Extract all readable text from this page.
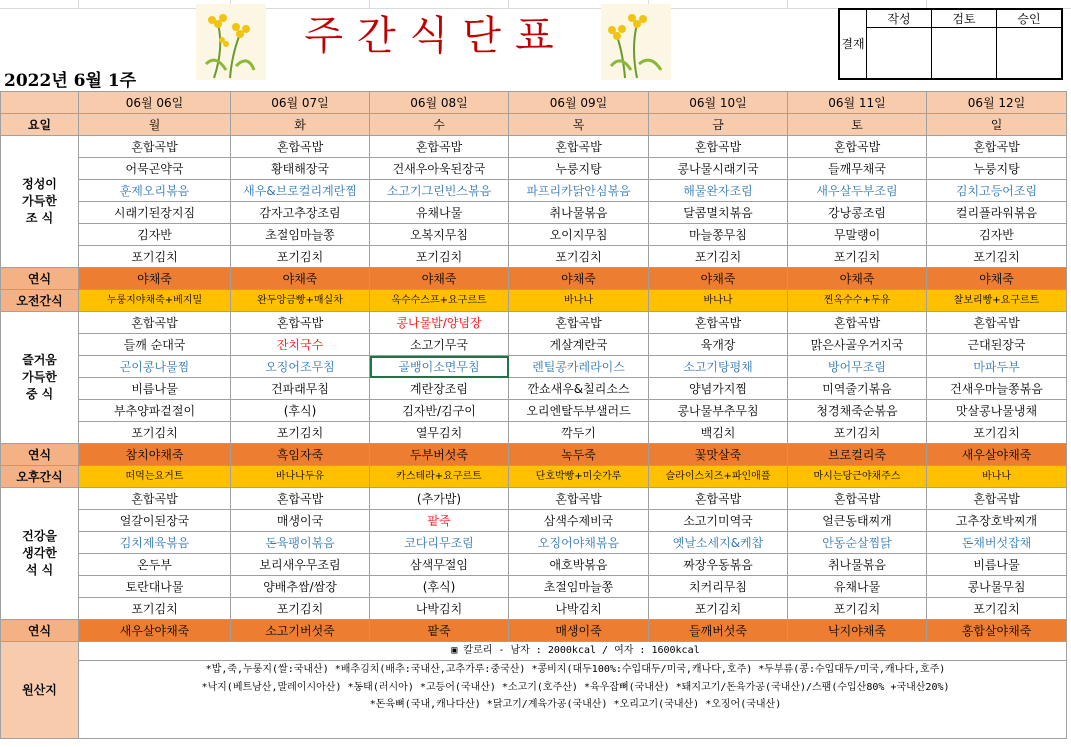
주간식단표	결재	작성	검토	승인

2022년 6월 1주
	06월 06일	06월 07일	06월 08일	06월 09일	06월 10일	06월 11일	06월 12일
요일	월	화	수	목	금	토	일
정성이
가득한
조 식	혼합곡밥	혼합곡밥	혼합곡밥	혼합곡밥	혼합곡밥	혼합곡밥	혼합곡밥
	어묵곤약국	황태해장국	건새우아욱된장국	누룽지탕	콩나물시래기국	들깨무채국	누룽지탕
	훈제오리볶음	새우&브로컬리계란찜	소고기그린빈스볶음	파프리카닭안심볶음	해물완자조림	새우살두부조림	김치고등어조림
	시래기된장지짐	감자고추장조림	유채나물	취나물볶음	달콤멸치볶음	강낭콩조림	컬리플라워볶음
	김자반	초절임마늘쫑	오복지무침	오이지무침	마늘쫑무침	무말랭이	김자반
	포기김치	포기김치	포기김치	포기김치	포기김치	포기김치	포기김치
연식	야채죽	야채죽	야채죽	야채죽	야채죽	야채죽	야채죽
오전간식	누룽지야채죽+베지밀	완두앙금빵+매실차	옥수수스프+요구르트	바나나	바나나	찐옥수수+두유	찰보리빵+요구르트
즐거움
가득한
중 식	혼합곡밥	혼합곡밥	콩나물밥/양념장	혼합곡밥	혼합곡밥	혼합곡밥	혼합곡밥
	들깨 순대국	잔치국수	소고기무국	게살계란국	육개장	맑은사골우거지국	근대된장국
	곤이콩나물찜	오징어조무침	골뱅이소면무침	렌틸콩카레라이스	소고기탕평채	방어무조림	마파두부
	비름나물	건파래무침	계란장조림	깐쇼새우&칠리소스	양념가지찜	미역줄기볶음	건새우마늘쫑볶음
	부추양파겉절이	(후식)	김자반/김구이	오리엔탈두부샐러드	콩나물부추무침	청경채죽순볶음	맛살콩나물냉채
	포기김치	포기김치	열무김치	깍두기	백김치	포기김치	포기김치
연식	참치야채죽	흑임자죽	두부버섯죽	녹두죽	꽃맛살죽	브로컬리죽	새우살야채죽
오후간식	떠먹는요거트	바나나두유	카스테라+요구르트	단호박빵+미숫가루	슬라이스치즈+파인애플	마시는당근야채주스	바나나
건강을
생각한
석 식	혼합곡밥	혼합곡밥	(추가밥)	혼합곡밥	혼합곡밥	혼합곡밥	혼합곡밥
	얼갈이된장국	매생이국	팥죽	삼색수제비국	소고기미역국	얼큰동태찌개	고추장호박찌개
	김치제육볶음	돈육팽이볶음	코다리무조림	오징어야채볶음	옛날소세지&케찹	안동순살찜닭	돈채버섯잡채
	온두부	보리새우무조림	삼색무절임	애호박볶음	짜장우동볶음	취나물볶음	비름나물
	토란대나물	양배추쌈/쌈장	(후식)	초절임마늘쫑	치커리무침	유채나물	콩나물무침
	포기김치	포기김치	나박김치	나박김치	포기김치	포기김치	포기김치
연식	새우살야채죽	소고기버섯죽	팥죽	매생이죽	들깨버섯죽	낙지야채죽	홍합살야채죽
원산지	▣ 칼로리 - 남자 : 2000kcal / 여자 : 1600kcal
*밥,죽,누룽지(쌀:국내산) *배추김치(배추:국내산,고추가루:중국산) *콩비지(대두100%:수입대두/미국,캐나다,호주) *두부류(콩:수입대두/미국,캐나다,호주)
*낙지(베트남산,말레이시아산) *동태(러시아) *고등어(국내산) *소고기(호주산) *육우잡뼈(국내산) *돼지고기/돈육가공(국내산)/스팸(수입산80% +국내산20%)
*돈육뼈(국내,캐나다산) *닭고기/계육가공(국내산) *오리고기(국내산) *오징어(국내산)						
